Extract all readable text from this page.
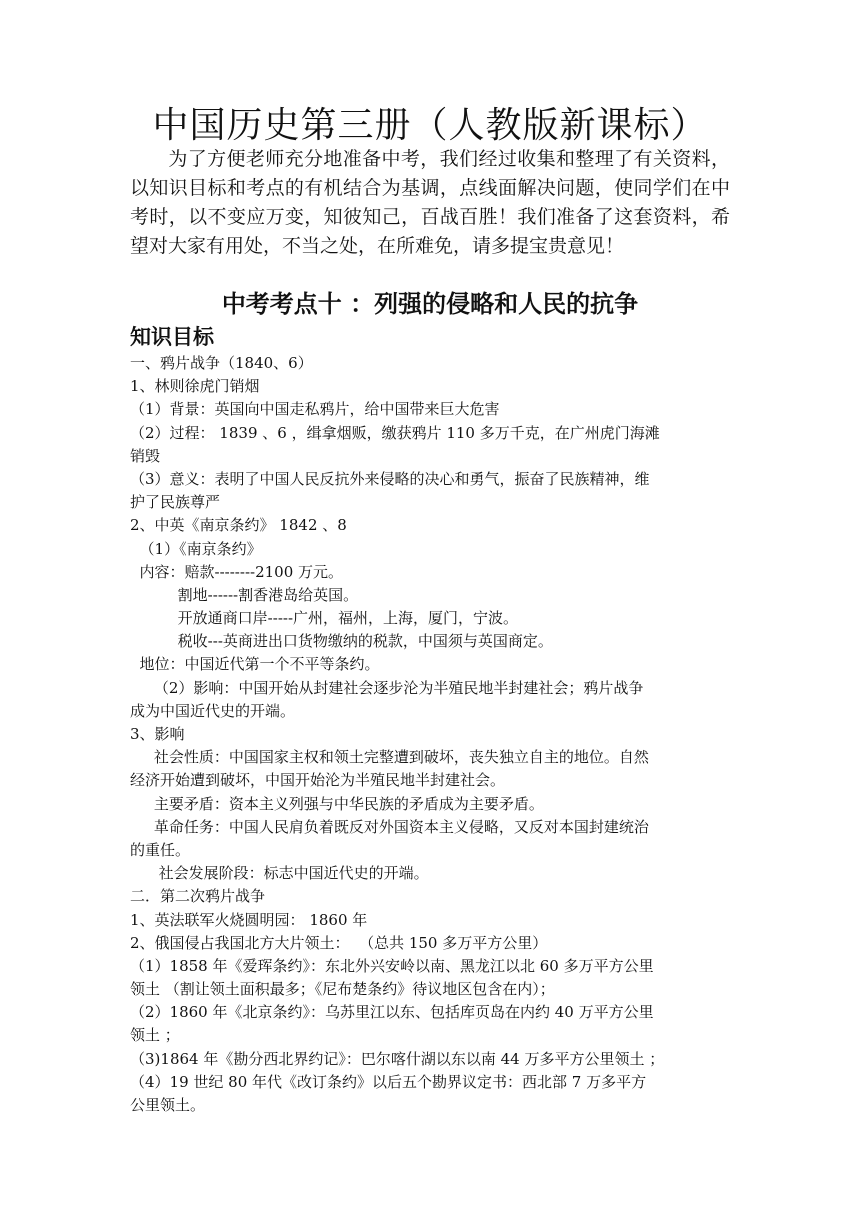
中国历史第三册（人教版新课标）

为了方便老师充分地准备中考，我们经过收集和整理了有关资料，以知识目标和考点的有机结合为基调，点线面解决问题，使同学们在中考时，以不变应万变，知彼知己，百战百胜！我们准备了这套资料，希望对大家有用处，不当之处，在所难免，请多提宝贵意见！

中考考点十 ：列强的侵略和人民的抗争
知识目标
一、鸦片战争（1840、6）
1、林则徐虎门销烟
（1）背景：英国向中国走私鸦片，给中国带来巨大危害
（2）过程： 1839 、6 ，缉拿烟贩，缴获鸦片 110 多万千克，在广州虎门海滩
销毁
（3）意义：表明了中国人民反抗外来侵略的决心和勇气，振奋了民族精神，维
护了民族尊严
2、中英《南京条约》 1842 、8
（1）《南京条约》
内容：赔款--------2100 万元。
割地------割香港岛给英国。
开放通商口岸-----广州，福州，上海，厦门，宁波。
税收---英商进出口货物缴纳的税款，中国须与英国商定。
地位：中国近代第一个不平等条约。
（2）影响：中国开始从封建社会逐步沦为半殖民地半封建社会；鸦片战争
成为中国近代史的开端。
3、影响
社会性质：中国国家主权和领土完整遭到破坏，丧失独立自主的地位。自然
经济开始遭到破坏，中国开始沦为半殖民地半封建社会。
主要矛盾：资本主义列强与中华民族的矛盾成为主要矛盾。
革命任务：中国人民肩负着既反对外国资本主义侵略，又反对本国封建统治
的重任。
社会发展阶段：标志中国近代史的开端。
二．第二次鸦片战争
1、英法联军火烧圆明园： 1860 年
2、俄国侵占我国北方大片领土：  （总共 150 多万平方公里）
（1）1858 年《爱珲条约》：东北外兴安岭以南、黑龙江以北 60 多万平方公里
领土 （割让领土面积最多；《尼布楚条约》待议地区包含在内）；
（2）1860 年《北京条约》：乌苏里江以东、包括库页岛在内约 40 万平方公里
领土 ；
（3)1864 年《勘分西北界约记》：巴尔喀什湖以东以南 44 万多平方公里领土 ；
（4）19 世纪 80 年代《改订条约》以后五个勘界议定书：西北部 7 万多平方
公里领土。
